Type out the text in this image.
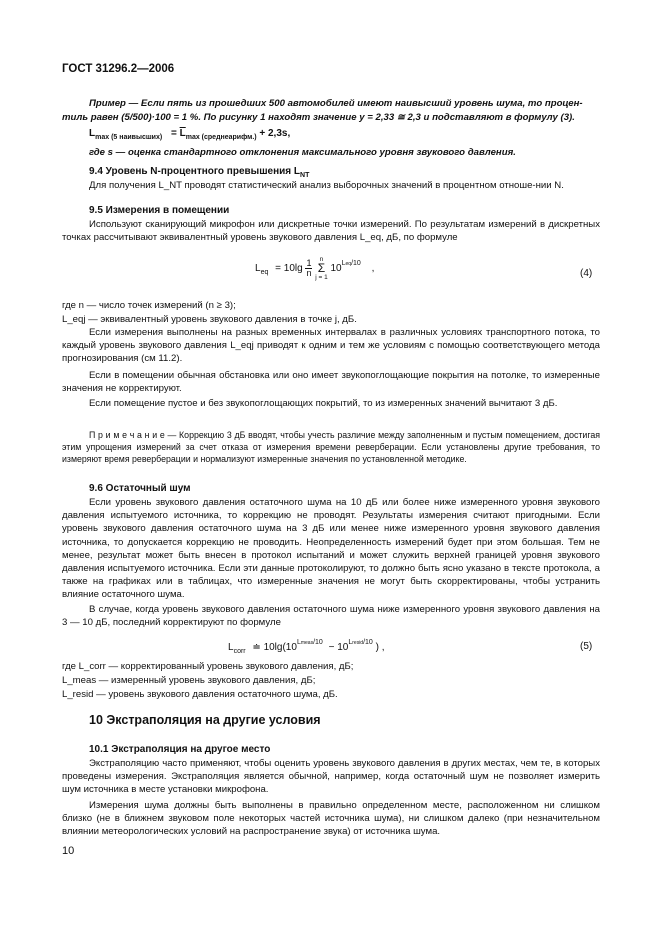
ГОСТ 31296.2—2006
Пример — Если пять из прошедших 500 автомобилей имеют наивысший уровень шума, то процен-
тиль равен (5/500)·100 = 1 %. По рисунку 1 находят значение y = 2,33 ≅ 2,3 и подставляют в формулу (3).
$L_{max (5 наивысших)} = \overline{L}_{max (среднеарифм.)} + 2,3s$,
где s — оценка стандартного отклонения максимального уровня звукового давления.
9.4 Уровень N-процентного превышения $L_{NT}$
Для получения L_NT проводят статистический анализ выборочных значений в процентном отноше-нии N.
9.5 Измерения в помещении
Используют сканирующий микрофон или дискретные точки измерений. По результатам измерений в дискретных точках рассчитывают эквивалентный уровень звукового давления L_eq, дБ, по формуле
$L_{eq} = 10\lg \frac{1}{n}$ n
Σ
j = 1 $10^{Leq/10}$ ,	(4)
где n — число точек измерений (n ≥ 3);
L_eqj — эквивалентный уровень звукового давления в точке j, дБ.
Если измерения выполнены на разных временных интервалах в различных условиях транспортного потока, то каждый уровень звукового давления L_eqj приводят к одним и тем же условиям с помощью соответствующего метода прогнозирования (см 11.2).
Если в помещении обычная обстановка или оно имеет звукопоглощающие покрытия на потолке, то измеренные значения не корректируют.
Если помещение пустое и без звукопоглощающих покрытий, то из измеренных значений вычитают 3 дБ.
П р и м е ч а н и е — Коррекцию 3 дБ вводят, чтобы учесть различие между заполненным и пустым помещением, достигая этим упрощения измерений за счет отказа от измерения времени реверберации. Если установлены другие требования, то измеряют время реверберации и нормализуют измеренные значения по установленной методике.
9.6 Остаточный шум
Если уровень звукового давления остаточного шума на 10 дБ или более ниже измеренного уровня звукового давления испытуемого источника, то коррекцию не проводят. Результаты измерения считают пригодными. Если уровень звукового давления остаточного шума на 3 дБ или менее ниже измеренного уровня звукового давления источника, то допускается коррекцию не проводить. Неопределенность измерений будет при этом большая. Тем не менее, результат может быть внесен в протокол испытаний и может служить верхней границей уровня звукового давления испытуемого источника. Если эти данные протоколируют, то должно быть ясно указано в тексте протокола, а также на графиках или в таблицах, что измеренные значения не могут быть скорректированы, чтобы устранить влияние остаточного шума.
В случае, когда уровень звукового давления остаточного шума ниже измеренного уровня звукового давления на 3 — 10 дБ, последний корректируют по формуле
$L_{corr}$ ≐ $10\lg(10^{Lmeas/10} - 10^{Lresid/10}$ ) ,	(5)
где L_corr — корректированный уровень звукового давления, дБ;
L_meas — измеренный уровень звукового давления, дБ;
L_resid — уровень звукового давления остаточного шума, дБ.
10 Экстраполяция на другие условия
10.1 Экстраполяция на другое место
Экстраполяцию часто применяют, чтобы оценить уровень звукового давления в других местах, чем те, в которых проведены измерения. Экстраполяция является обычной, например, когда остаточный шум не позволяет измерить шум источника в месте установки микрофона.
Измерения шума должны быть выполнены в правильно определенном месте, расположенном ни слишком близко (не в ближнем звуковом поле некоторых частей источника шума), ни слишком далеко (при незначительном влиянии метеорологических условий на распространение звука) от источника шума.
10
